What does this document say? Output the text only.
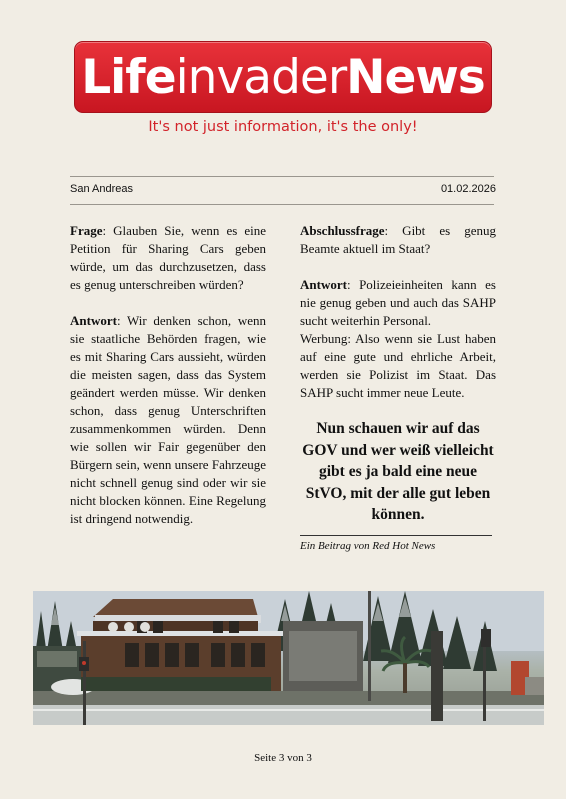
LifeinvaderNews
It's not just information, it's the only!
San Andreas	01.02.2026

Frage: Glauben Sie, wenn es eine Petition für Sharing Cars geben würde, um das durchzusetzen, dass es genug unterschreiben würden?

Antwort: Wir denken schon, wenn sie staatliche Behörden fragen, wie es mit Sharing Cars aussieht, würden die meisten sagen, dass das System geändert werden müsse. Wir denken schon, dass genug Unterschriften zusammenkommen würden. Denn wie sollen wir Fair gegenüber den Bürgern sein, wenn unsere Fahrzeuge nicht schnell genug sind oder wir sie nicht blocken können. Eine Regelung ist dringend notwendig.

Abschlussfrage: Gibt es genug Beamte aktuell im Staat?

Antwort: Polizeieinheiten kann es nie genug geben und auch das SAHP sucht weiterhin Personal.

Werbung: Also wenn sie Lust haben auf eine gute und ehrliche Arbeit, werden sie Polizist im Staat. Das SAHP sucht immer neue Leute.

Nun schauen wir auf das GOV und wer weiß vielleicht gibt es ja bald eine neue StVO, mit der alle gut leben können.
Ein Beitrag von Red Hot News
Seite 3 von 3
